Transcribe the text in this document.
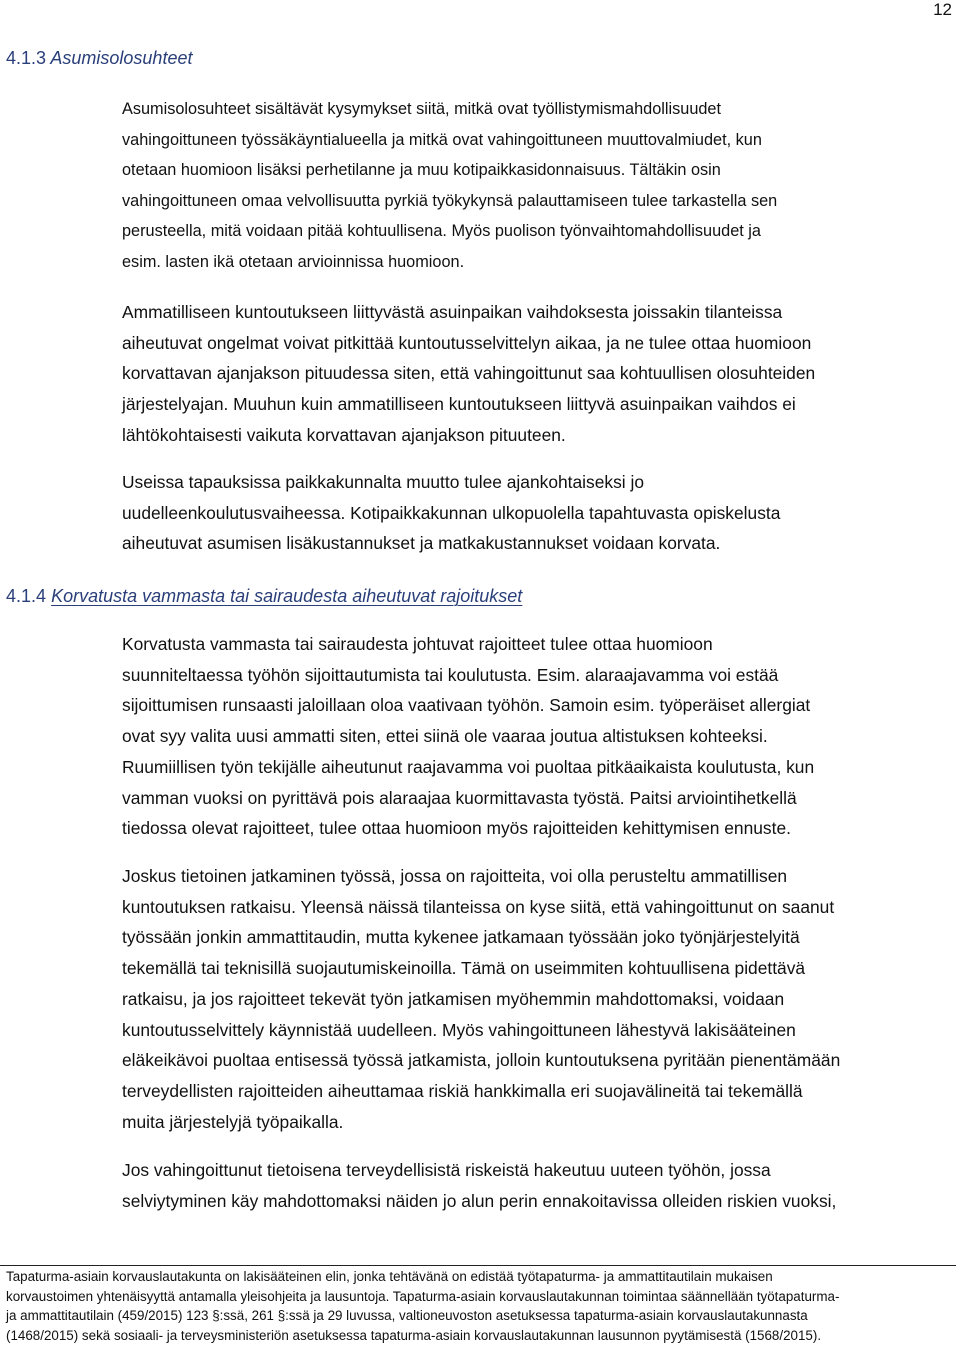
12
4.1.3 Asumisolosuhteet

Asumisolosuhteet sisältävät kysymykset siitä, mitkä ovat työllistymismahdollisuudet
vahingoittuneen työssäkäyntialueella ja mitkä ovat vahingoittuneen muuttovalmiudet, kun
otetaan huomioon lisäksi perhetilanne ja muu kotipaikkasidonnaisuus. Tältäkin osin
vahingoittuneen omaa velvollisuutta pyrkiä työkykynsä palauttamiseen tulee tarkastella sen
perusteella, mitä voidaan pitää kohtuullisena. Myös puolison työnvaihtomahdollisuudet ja
esim. lasten ikä otetaan arvioinnissa huomioon.

Ammatilliseen kuntoutukseen liittyvästä asuinpaikan vaihdoksesta joissakin tilanteissa
aiheutuvat ongelmat voivat pitkittää kuntoutusselvittelyn aikaa, ja ne tulee ottaa huomioon
korvattavan ajanjakson pituudessa siten, että vahingoittunut saa kohtuullisen olosuhteiden
järjestelyajan. Muuhun kuin ammatilliseen kuntoutukseen liittyvä asuinpaikan vaihdos ei
lähtökohtaisesti vaikuta korvattavan ajanjakson pituuteen.

Useissa tapauksissa paikkakunnalta muutto tulee ajankohtaiseksi jo
uudelleenkoulutusvaiheessa. Kotipaikkakunnan ulkopuolella tapahtuvasta opiskelusta
aiheutuvat asumisen lisäkustannukset ja matkakustannukset voidaan korvata.

4.1.4 Korvatusta vammasta tai sairaudesta aiheutuvat rajoitukset

Korvatusta vammasta tai sairaudesta johtuvat rajoitteet tulee ottaa huomioon
suunniteltaessa työhön sijoittautumista tai koulutusta. Esim. alaraajavamma voi estää
sijoittumisen runsaasti jaloillaan oloa vaativaan työhön. Samoin esim. työperäiset allergiat
ovat syy valita uusi ammatti siten, ettei siinä ole vaaraa joutua altistuksen kohteeksi.
Ruumiillisen työn tekijälle aiheutunut raajavamma voi puoltaa pitkäaikaista koulutusta, kun
vamman vuoksi on pyrittävä pois alaraajaa kuormittavasta työstä. Paitsi arviointihetkellä
tiedossa olevat rajoitteet, tulee ottaa huomioon myös rajoitteiden kehittymisen ennuste.

Joskus tietoinen jatkaminen työssä, jossa on rajoitteita, voi olla perusteltu ammatillisen
kuntoutuksen ratkaisu. Yleensä näissä tilanteissa on kyse siitä, että vahingoittunut on saanut
työssään jonkin ammattitaudin, mutta kykenee jatkamaan työssään joko työnjärjestelyitä
tekemällä tai teknisillä suojautumiskeinoilla. Tämä on useimmiten kohtuullisena pidettävä
ratkaisu, ja jos rajoitteet tekevät työn jatkamisen myöhemmin mahdottomaksi, voidaan
kuntoutusselvittely käynnistää uudelleen. Myös vahingoittuneen lähestyvä lakisääteinen
eläkeikävoi puoltaa entisessä työssä jatkamista, jolloin kuntoutuksena pyritään pienentämään
terveydellisten rajoitteiden aiheuttamaa riskiä hankkimalla eri suojavälineitä tai tekemällä
muita järjestelyjä työpaikalla.

Jos vahingoittunut tietoisena terveydellisistä riskeistä hakeutuu uuteen työhön, jossa
selviytyminen käy mahdottomaksi näiden jo alun perin ennakoitavissa olleiden riskien vuoksi,

Tapaturma-asiain korvauslautakunta on lakisääteinen elin, jonka tehtävänä on edistää työtapaturma- ja ammattitautilain mukaisen
korvaustoimen yhtenäisyyttä antamalla yleisohjeita ja lausuntoja. Tapaturma-asiain korvauslautakunnan toimintaa säännellään työtapaturma-
ja ammattitautilain (459/2015) 123 §:ssä, 261 §:ssä ja 29 luvussa, valtioneuvoston asetuksessa tapaturma-asiain korvauslautakunnasta
(1468/2015) sekä sosiaali- ja terveysministeriön asetuksessa tapaturma-asiain korvauslautakunnan lausunnon pyytämisestä (1568/2015).
